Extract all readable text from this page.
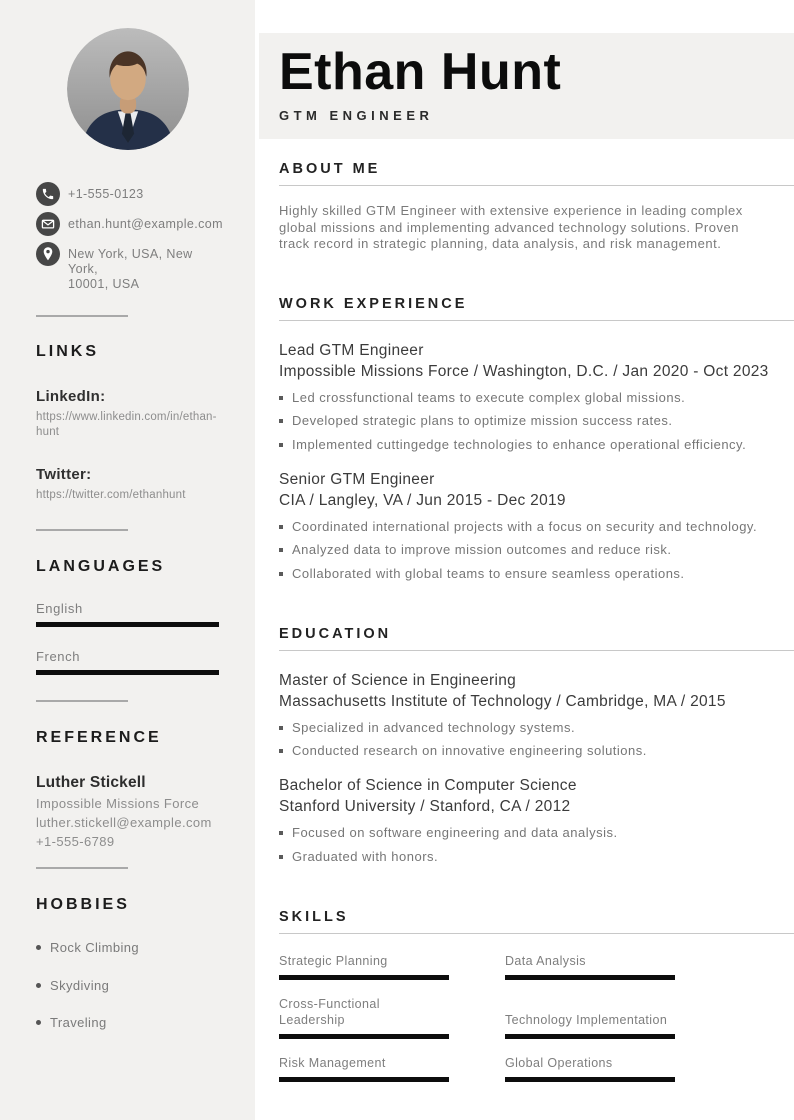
+1-555-0123
ethan.hunt@example.com
New York, USA, New York,
10001, USA
LINKS
LinkedIn:
https://www.linkedin.com/in/ethan-hunt
Twitter:
https://twitter.com/ethanhunt
LANGUAGES
English
French
REFERENCE
Luther Stickell
Impossible Missions Force
luther.stickell@example.com
+1-555-6789
HOBBIES
Rock Climbing
Skydiving
Traveling
Ethan Hunt
GTM ENGINEER
ABOUT ME

Highly skilled GTM Engineer with extensive experience in leading complex global missions and implementing advanced technology solutions. Proven track record in strategic planning, data analysis, and risk management.

WORK EXPERIENCE
Lead GTM Engineer
Impossible Missions Force / Washington, D.C. / Jan 2020 - Oct 2023
Led crossfunctional teams to execute complex global missions.
Developed strategic plans to optimize mission success rates.
Implemented cuttingedge technologies to enhance operational efficiency.
Senior GTM Engineer
CIA / Langley, VA / Jun 2015 - Dec 2019
Coordinated international projects with a focus on security and technology.
Analyzed data to improve mission outcomes and reduce risk.
Collaborated with global teams to ensure seamless operations.
EDUCATION
Master of Science in Engineering
Massachusetts Institute of Technology / Cambridge, MA / 2015
Specialized in advanced technology systems.
Conducted research on innovative engineering solutions.
Bachelor of Science in Computer Science
Stanford University / Stanford, CA / 2012
Focused on software engineering and data analysis.
Graduated with honors.
SKILLS
Strategic Planning	Data Analysis
Cross-Functional Leadership	Technology Implementation
Risk Management	Global Operations
